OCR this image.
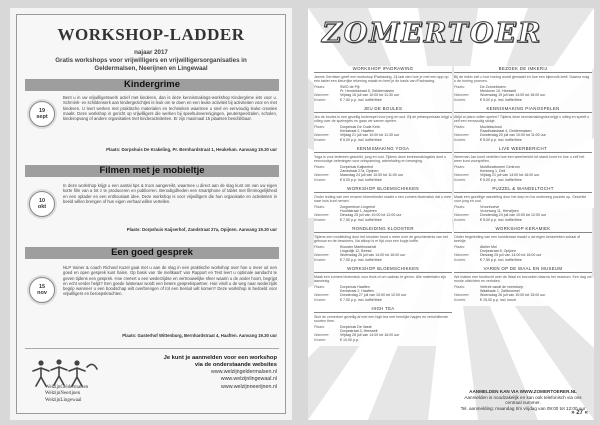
WORKSHOP-LADDER
najaar 2017
Gratis workshops voor vrijwilligers en vrijwilligersorganisaties in
Geldermalsen, Neerijnen en Lingewaal
Kindergrime
19
sept
Bent u in uw vrijwilligerswerk actief met kinderen, dan is deze kennismakings-workshop Kindergrime iets voor u. Schmink- en schilderwerk aan kindergezichtjes is leuk om te doen en een leuke activiteit bij activiteiten voor en met kinderen. U leert werken met praktische materialen en technieken waarmee u snel en eenvoudig leuke creaties maakt. Deze workshop is gericht op vrijwilligers die werken bij speeltuinverenigingen, peuterspeelzalen, scholen, kinderopvang of andere organisaties met kinderactiviteiten. Er zijn maximaal 15 plaatsen beschikbaar.
Plaats: Dorpshuis De Krakeling, Pr. Bernhardstraat 1, Heukelum. Aanvang 19.30 uur
Filmen met je mobieltje
10
okt
In deze workshop krijgt u een aantal tips & trucs aangereikt, waarmee u direct aan de slag kunt om van uw eigen korte film van a tot z te produceren en publiceren. Benodigdheden een smartphone of tablet met filmmogelijkheid en een oplader en een enthousiast idee. Deze workshop is voor vrijwilligers die hun organisatie en activiteiten in beeld willen brengen of hun eigen verhaal willen vertellen.
Plaats: Dorpshuis Kaijserhof, Zandstraat 27a, Opijnen. Aanvang 19.30 uur
Een goed gesprek
15
nov
NLP trainer & coach Richard Kuzel gaat met u aan de slag in een praktische workshop over hoe u meer uit een goed en open gesprek kunt halen. Op basis van 'de meltkaart' van Rapport en Test leert u optimale aandacht te geven tijdens een gesprek. Hoe creëert u een wederzijdse en vertrouwelijke sfeer waarin u de ander hoort, begrijpt en echt verder helpt? Een goede luisteraar wordt een betere gesprekspartner. Hoe vindt u de weg naar wederzijds begrip wanneer u een boodschap wilt overbrengen of tot een besluit wilt komen? Deze workshop is bedoeld voor vrijwilligers en beroepskrachten.
Plaats: Gasterhof Wittenburg, Bernhardstraat 4, Haaften. Aanvang 19.30 uur
WelzijnGeldermalsen
WelzijnNeerijnen
WelzijnLingewaal
Je kunt je aanmelden voor een workshop
via de onderstaande websites
www.welzijngeldermalsen.nl
www.welzijnlingewaal.nl
www.welzijnneerijnen.nl
ZOMERTOER
WORKSHOP IPADRAWING
Jannie Gerritsen geeft een workshop iPadrawing. Zij laat zien hoe je met een app op een tablet een kleurrijke tekening maakt en leert je de basis van iPadrawing.
Plaats:	SWO de Pijl
Pr. Hendrikstraat 5, Geldermalsen
Wanneer:	Vrijdag 18 juli van 10:00 tot 11:30 uur
Kosten:	€ 7,50 p.p. incl. koffie/thee
JEU DE BOULES
Jeu de boules is een gezellig buitenspel voor jong en oud. Bij de petanquebaan krijgt u uitleg over de spelregels en gaan we samen spelen.
Plaats:	Dorpshuis De Oude Kerk
Kerkstraat 2, Haaften
Wanneer:	Vrijdag 21 juli van 10:00 tot 11:30 uur
Kosten:	€ 5,00 p.p. incl. koffie/thee
KENNISMAKING YOGA
Yoga is voor iedereen geschikt, jong en oud. Tijdens deze kennismakingsles doet u eenvoudige oefeningen voor ontspanning, ademhaling en beweging.
Plaats:	Dorpshuis Kaijserhof
Zandstraat 27a, Opijnen
Wanneer:	Maandag 24 juli van 10:00 tot 11:00 uur
Kosten:	€ 5,00 p.p. incl. koffie/thee
WORKSHOP BLOEMSCHIKKEN
Onder leiding van een ervaren bloembinder maakt u een zomers bloemstuk dat u mee naar huis kunt nemen.
Plaats:	Zorgcentrum Lingehof
Hoofdstraat 1, Asperen
Wanneer:	Dinsdag 25 juli van 10:00 tot 12:00 uur
Kosten:	€ 7,50 p.p. incl. koffie/thee
RONDLEIDING KLOOSTER
Tijdens een rondleiding door het klooster hoort u meer over de geschiedenis van het gebouw en de bewoners. Na afloop is er tijd voor een kopje koffie.
Plaats:	Klooster Mariënwaerdt
Lingedijk 12, Beesd
Wanneer:	Woensdag 26 juli van 14:00 tot 16:00 uur
Kosten:	€ 7,50 p.p. incl. koffie/thee
WORKSHOP BLOEMSCHIKKEN
Maak een zomers bloemstuk voor thuis of om cadeau te geven. Alle materialen zijn aanwezig.
Plaats:	Dorpshuis Haaften
Kerkstraat 2, Haaften
Wanneer:	Donderdag 27 juli van 10:00 tot 12:00 uur
Kosten:	€ 7,50 p.p. incl. koffie/thee
HIGH TEA
Sluit de zomertoer gezellig af met een high tea met heerlijke hapjes en verschillende soorten thee.
Plaats:	Dorpshuis De Vaste
Dorpsstraat 3, Heesselt
Wanneer:	Vrijdag 28 juli van 14:00 tot 16:00 uur
Kosten:	€ 10,00 p.p.
BEZOEK DE IMKERIJ
Bij de imker ziet u hoe honing wordt gemaakt en hoe een bijenvolk leeft. Daarna mag u de honing proeven.
Plaats:	De Zonnebloem
Meidoorn 10, Heesselt
Wanneer:	Woensdag 19 juli van 14:00 tot 16:00 uur
Kosten:	€ 5,00 p.p. incl. koffie/thee
KENNISMAKING PIANOSPELEN
Altijd al piano willen spelen? Tijdens deze kennismakingsles krijgt u uitleg en speelt u zelf een eenvoudig stukje.
Plaats:	Muziekschool
Raadhuisstraat 4, Geldermalsen
Wanneer:	Donderdag 20 juli van 10:00 tot 11:00 uur
Kosten:	€ 5,00 p.p. incl. koffie/thee
LIVE WEERBERICHT
Weerman Jan komt vertellen hoe een weerbericht tot stand komt en hoe u zelf het weer kunt voorspellen.
Plaats:	Multifunctioneel Centrum
Kerkweg 1, Deil
Wanneer:	Vrijdag 21 juli van 14:00 tot 16:00 uur
Kosten:	€ 5,00 p.p. incl. koffie/thee
PUZZEL & WANDELTOCHT
Maak een gezellige wandeling door het dorp en los onderweg puzzels op. Geschikt voor jong en oud.
Plaats:	Vroonhoeve
Vroonweg 11, Herwijnen
Wanneer:	Donderdag 24 juli van 10:00 tot 12:00 uur
Kosten:	€ 5,00 p.p. incl. koffie/thee
WORKSHOP KERAMIEK
Onder begeleiding van een kunstenaar maakt u uw eigen keramieken schaal of beeldje.
Plaats:	Atelier Mol
Dorpsstraat 8, Opijnen
Wanneer:	Dinsdag 25 juli van 14:00 tot 16:00 uur
Kosten:	€ 7,50 p.p. incl. koffie/thee
VAREN OP DE WAAL EN MUSEUM
We maken een boottocht over de Waal en bezoeken daarna het museum. Een dag vol mooie uitzichten en verhalen.
Plaats:	Vertrek vanaf de veerstoep
Waalkade 1, Zaltbommel
Wanneer:	Woensdag 26 juli van 10:00 tot 15:00 uur
Kosten:	€ 15,00 p.p. incl. lunch
AANMELDEN KAN VIA WWW.ZOMERTOERER.NL
Aanmelden is noodzakelijk en kan ook telefonisch via ons centraal nummer.
Tel. aanmelding: maandag t/m vrijdag van 09:00 tot 12:00 uur
» 27 «
